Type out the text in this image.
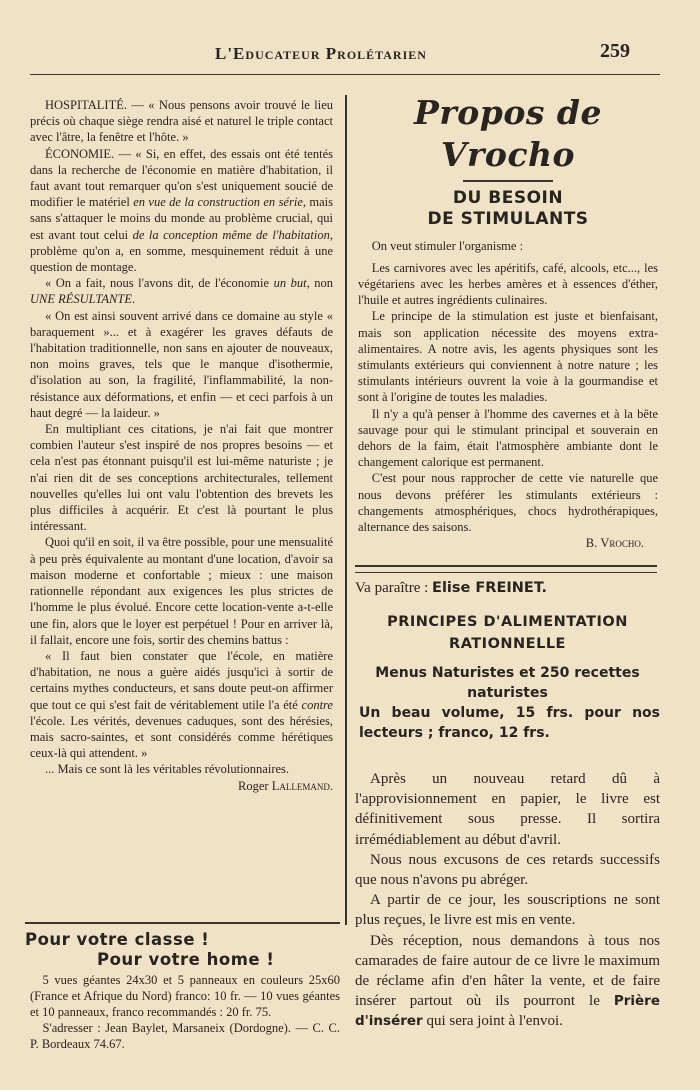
L'Educateur Prolétarien	259

HOSPITALITÉ. — « Nous pensons avoir trouvé le lieu précis où chaque siège rendra aisé et naturel le triple contact avec l'âtre, la fenêtre et l'hôte. »

ÉCONOMIE. — « Si, en effet, des essais ont été tentés dans la recherche de l'économie en matière d'habitation, il faut avant tout remarquer qu'on s'est uniquement soucié de modifier le matériel en vue de la construction en série, mais sans s'attaquer le moins du monde au problème crucial, qui est avant tout celui de la conception même de l'habitation, problème qu'on a, en somme, mesquinement réduit à une question de montage.

« On a fait, nous l'avons dit, de l'économie un but, non UNE RÉSULTANTE.

« On est ainsi souvent arrivé dans ce domaine au style « baraquement »... et à exagérer les graves défauts de l'habitation traditionnelle, non sans en ajouter de nouveaux, non moins graves, tels que le manque d'isothermie, d'isolation au son, la fragilité, l'inflammabilité, la non-résistance aux déformations, et enfin — et ceci parfois à un haut degré — la laideur. »

En multipliant ces citations, je n'ai fait que montrer combien l'auteur s'est inspiré de nos propres besoins — et cela n'est pas étonnant puisqu'il est lui-même naturiste ; je n'ai rien dit de ses conceptions architecturales, tellement nouvelles qu'elles lui ont valu l'obtention des brevets les plus difficiles à acquérir. Et c'est là pourtant le plus intéressant.

Quoi qu'il en soit, il va être possible, pour une mensualité à peu près équivalente au montant d'une location, d'avoir sa maison moderne et confortable ; mieux : une maison rationnelle répondant aux exigences les plus strictes de l'homme le plus évolué. Encore cette location-vente a-t-elle une fin, alors que le loyer est perpétuel ! Pour en arriver là, il fallait, encore une fois, sortir des chemins battus :

« Il faut bien constater que l'école, en matière d'habitation, ne nous a guère aidés jusqu'ici à sortir de certains mythes conducteurs, et sans doute peut-on affirmer que tout ce qui s'est fait de véritablement utile l'a été contre l'école. Les vérités, devenues caduques, sont des hérésies, mais sacro-saintes, et sont considérés comme hérétiques ceux-là qui attendent. »

... Mais ce sont là les véritables révolutionnaires.

Roger Lallemand.

Pour votre classe !
Pour votre home !

5 vues géantes 24x30 et 5 panneaux en couleurs 25x60 (France et Afrique du Nord) franco: 10 fr. — 10 vues géantes et 10 panneaux, franco recommandés : 20 fr. 75.

S'adresser : Jean Baylet, Marsaneix (Dordogne). — C. C. P. Bordeaux 74.67.

Propos de Vrocho
DU BESOIN
DE STIMULANTS

On veut stimuler l'organisme :

Les carnivores avec les apéritifs, café, alcools, etc..., les végétariens avec les herbes amères et à essences d'éther, l'huile et autres ingrédients culinaires.

Le principe de la stimulation est juste et bienfaisant, mais son application nécessite des moyens extra-alimentaires. A notre avis, les agents physiques sont les stimulants extérieurs qui conviennent à notre nature ; les stimulants intérieurs ouvrent la voie à la gourmandise et sont à l'origine de toutes les maladies.

Il n'y a qu'à penser à l'homme des cavernes et à la bête sauvage pour qui le stimulant principal et souverain en dehors de la faim, était l'atmosphère ambiante dont le changement calorique est permanent.

C'est pour nous rapprocher de cette vie naturelle que nous devons préférer les stimulants extérieurs : changements atmosphériques, chocs hydrothérapiques, alternance des saisons.

B. Vrocho.

Va paraître : Elise FREINET.
PRINCIPES D'ALIMENTATION
RATIONNELLE
Menus Naturistes et 250 recettes naturistes
Un beau volume, 15 frs. pour nos lecteurs ; franco, 12 frs.

Après un nouveau retard dû à l'approvisionnement en papier, le livre est définitivement sous presse. Il sortira irrémédiablement au début d'avril.

Nous nous excusons de ces retards successifs que nous n'avons pu abréger.

A partir de ce jour, les souscriptions ne sont plus reçues, le livre est mis en vente.

Dès réception, nous demandons à tous nos camarades de faire autour de ce livre le maximum de réclame afin d'en hâter la vente, et de faire insérer partout où ils pourront le Prière d'insérer qui sera joint à l'envoi.
